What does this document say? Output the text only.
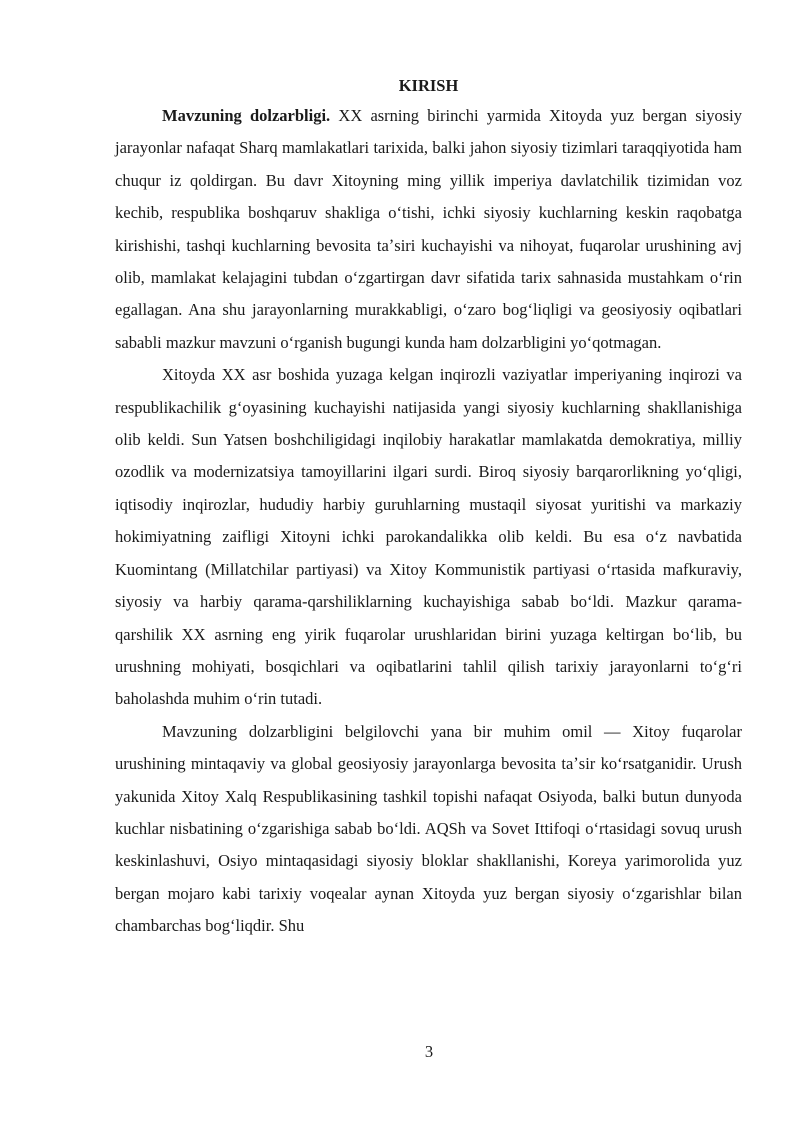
KIRISH

Mavzuning dolzarbligi. XX asrning birinchi yarmida Xitoyda yuz bergan siyosiy jarayonlar nafaqat Sharq mamlakatlari tarixida, balki jahon siyosiy tizimlari taraqqiyotida ham chuqur iz qoldirgan. Bu davr Xitoyning ming yillik imperiya davlatchilik tizimidan voz kechib, respublika boshqaruv shakliga oʻtishi, ichki siyosiy kuchlarning keskin raqobatga kirishishi, tashqi kuchlarning bevosita taʼsiri kuchayishi va nihoyat, fuqarolar urushining avj olib, mamlakat kelajagini tubdan oʻzgartirgan davr sifatida tarix sahnasida mustahkam oʻrin egallagan. Ana shu jarayonlarning murakkabligi, oʻzaro bogʻliqligi va geosiyosiy oqibatlari sababli mazkur mavzuni oʻrganish bugungi kunda ham dolzarbligini yoʻqotmagan.

Xitoyda XX asr boshida yuzaga kelgan inqirozli vaziyatlar imperiyaning inqirozi va respublikachilik gʻoyasining kuchayishi natijasida yangi siyosiy kuchlarning shakllanishiga olib keldi. Sun Yatsen boshchiligidagi inqilobiy harakatlar mamlakatda demokratiya, milliy ozodlik va modernizatsiya tamoyillarini ilgari surdi. Biroq siyosiy barqarorlikning yoʻqligi, iqtisodiy inqirozlar, hududiy harbiy guruhlarning mustaqil siyosat yuritishi va markaziy hokimiyatning zaifligi Xitoyni ichki parokandalikka olib keldi. Bu esa oʻz navbatida Kuomintang (Millatchilar partiyasi) va Xitoy Kommunistik partiyasi oʻrtasida mafkuraviy, siyosiy va harbiy qarama-qarshiliklarning kuchayishiga sabab boʻldi. Mazkur qarama-qarshilik XX asrning eng yirik fuqarolar urushlaridan birini yuzaga keltirgan boʻlib, bu urushning mohiyati, bosqichlari va oqibatlarini tahlil qilish tarixiy jarayonlarni toʻgʻri baholashda muhim oʻrin tutadi.

Mavzuning dolzarbligini belgilovchi yana bir muhim omil — Xitoy fuqarolar urushining mintaqaviy va global geosiyosiy jarayonlarga bevosita taʼsir koʻrsatganidir. Urush yakunida Xitoy Xalq Respublikasining tashkil topishi nafaqat Osiyoda, balki butun dunyoda kuchlar nisbatining oʻzgarishiga sabab boʻldi. AQSh va Sovet Ittifoqi oʻrtasidagi sovuq urush keskinlashuvi, Osiyo mintaqasidagi siyosiy bloklar shakllanishi, Koreya yarimorolida yuz bergan mojaro kabi tarixiy voqealar aynan Xitoyda yuz bergan siyosiy oʻzgarishlar bilan chambarchas bogʻliqdir. Shu

3
